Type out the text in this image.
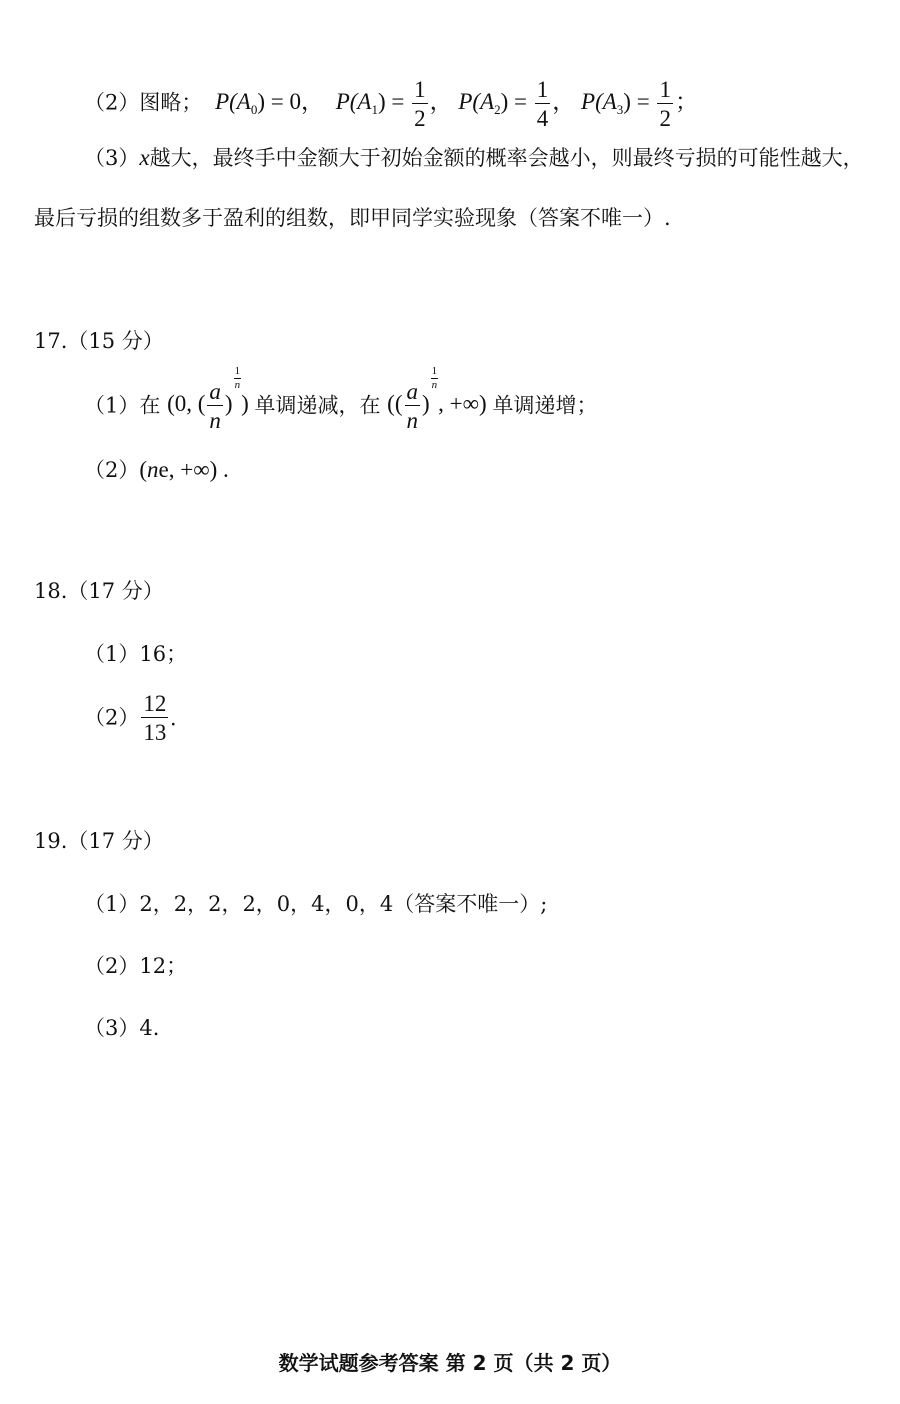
（2）图略； $P(A_0) = 0$， $P(A_1) = \frac{1}{2}$ ， $P(A_2) = \frac{1}{4}$ ， $P(A_3) = \frac{1}{2}$ ；
（3）x越大，最终手中金额大于初始金额的概率会越小，则最终亏损的可能性越大，
最后亏损的组数多于盈利的组数，即甲同学实验现象（答案不唯一）.
17.（15 分）
（1）在 (0, ( $\frac{a}{n}$ )
$\frac{1}{n}$
) 单调递减，在 (( $\frac{a}{n}$ )
$\frac{1}{n}$
, +∞) 单调递增；
（2）(ne, +∞) .
18.（17 分）
（1）16；
$(2) \frac{12}{13}$ .
19.（17 分）
（1）2，2，2，2，0，4，0，4（答案不唯一）;
（2）12；
（3）4.
数学试题参考答案 第 2 页（共 2 页）
